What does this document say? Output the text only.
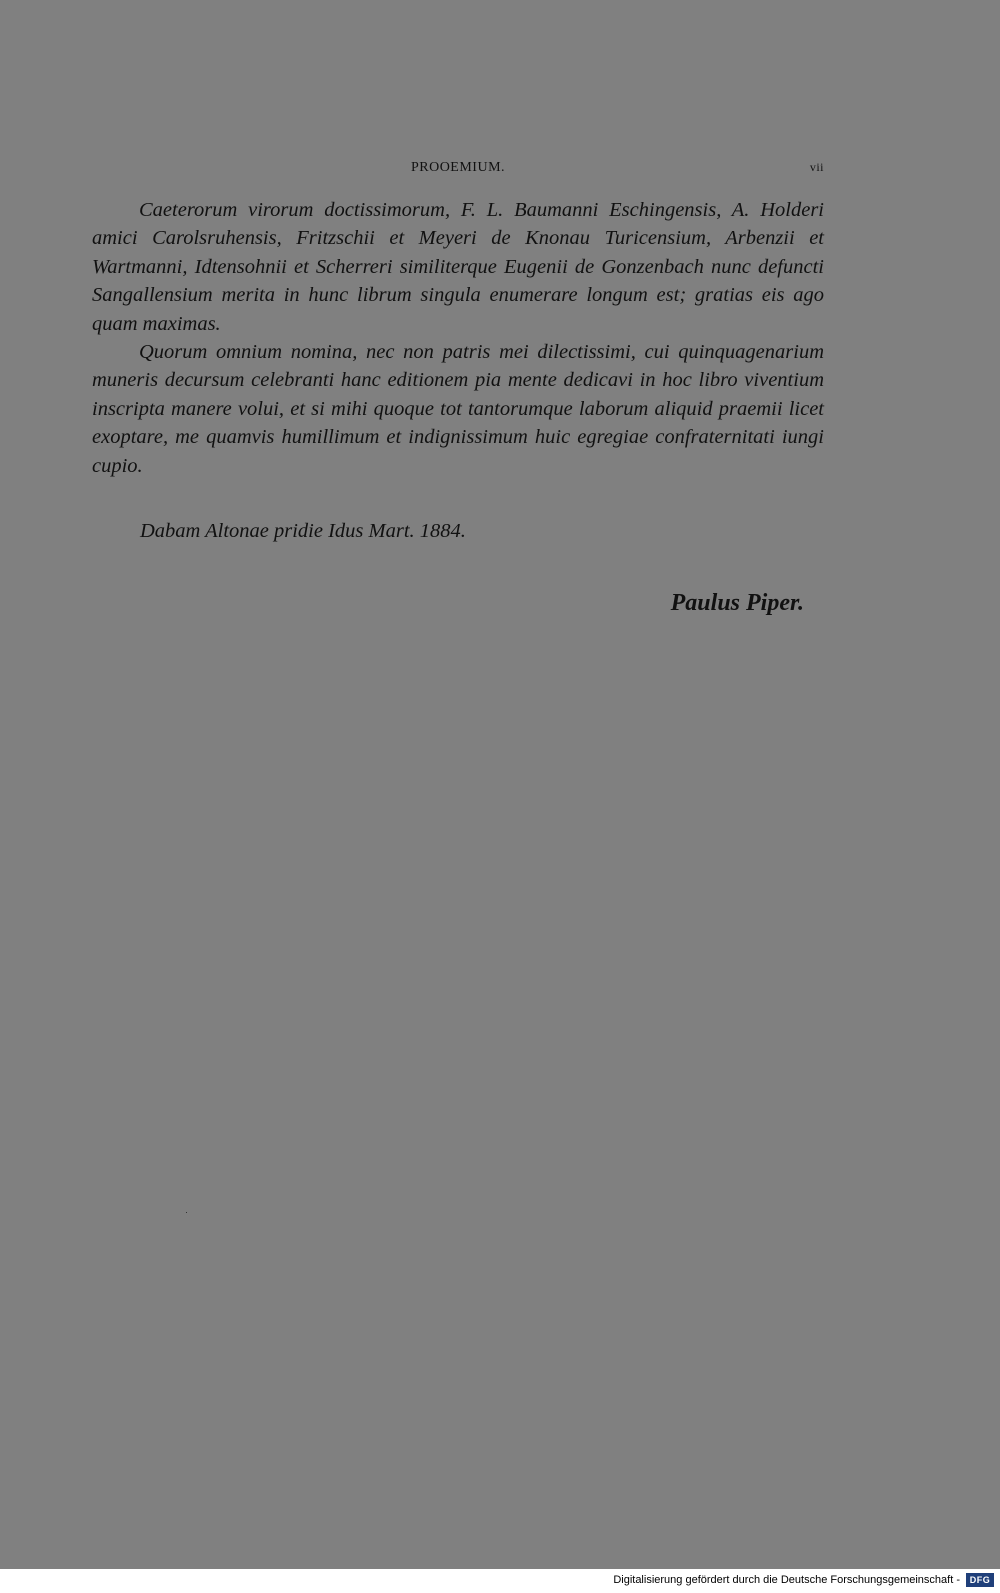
PROOEMIUM.	vii

Caeterorum virorum doctissimorum, F. L. Baumanni Eschingensis, A. Holderi amici Carolsruhensis, Fritzschii et Meyeri de Knonau Turicensium, Arbenzii et Wartmanni, Idtensohnii et Scherreri similiterque Eugenii de Gonzenbach nunc defuncti Sangallensium merita in hunc librum singula enumerare longum est; gratias eis ago quam maximas.

Quorum omnium nomina, nec non patris mei dilectissimi, cui quinquagenarium muneris decursum celebranti hanc editionem pia mente dedicavi in hoc libro viventium inscripta manere volui, et si mihi quoque tot tantorumque laborum aliquid praemii licet exoptare, me quamvis humillimum et indignissimum huic egregiae confraternitati iungi cupio.

Dabam Altonae pridie Idus Mart. 1884.
Paulus Piper.
Digitalisierung gefördert durch die Deutsche Forschungsgemeinschaft -	DFG
